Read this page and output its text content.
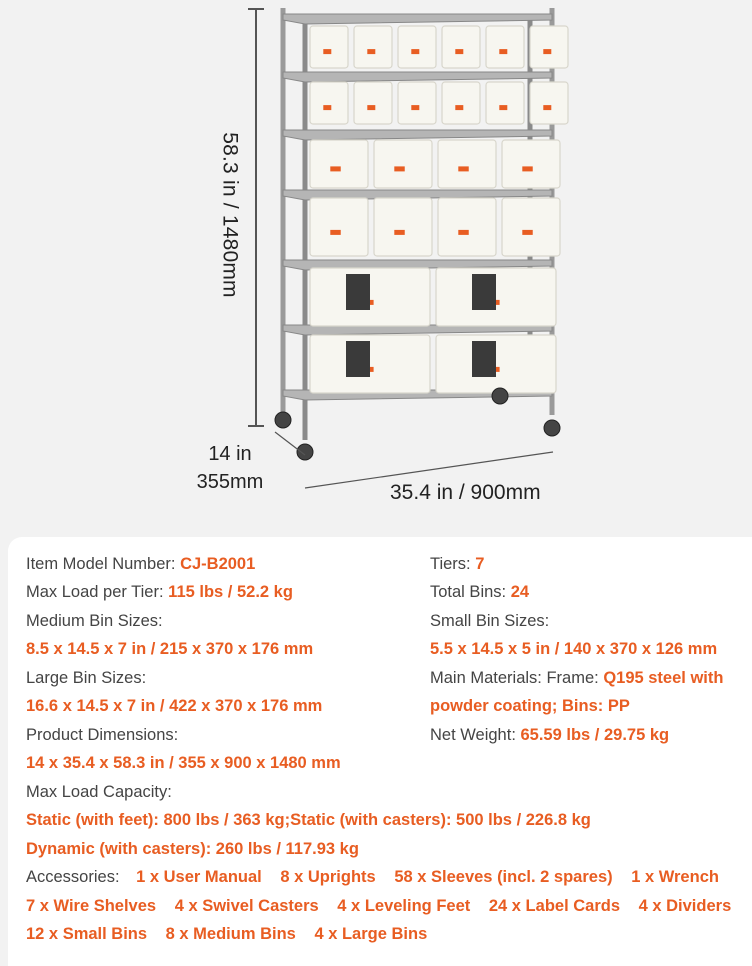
58.3 in / 1480mm
14 in
355mm	35.4 in / 900mm
Item Model Number: CJ-B2001
Max Load per Tier: 115 lbs / 52.2 kg
Medium Bin Sizes:
8.5 x 14.5 x 7 in / 215 x 370 x 176 mm
Large Bin Sizes:
16.6 x 14.5 x 7 in / 422 x 370 x 176 mm
Product Dimensions:
14 x 35.4 x 58.3 in / 355 x 900 x 1480 mm
Tiers: 7
Total Bins: 24
Small Bin Sizes:
5.5 x 14.5 x 5 in / 140 x 370 x 126 mm
Main Materials: Frame: Q195 steel with
powder coating; Bins: PP
Net Weight: 65.59 lbs / 29.75 kg
Max Load Capacity:
Static (with feet): 800 lbs / 363 kg;Static (with casters): 500 lbs / 226.8 kg
Dynamic (with casters): 260 lbs / 117.93 kg
Accessories: 1 x User Manual 8 x Uprights 58 x Sleeves (incl. 2 spares) 1 x Wrench
7 x Wire Shelves 4 x Swivel Casters 4 x Leveling Feet 24 x Label Cards 4 x Dividers
12 x Small Bins 8 x Medium Bins 4 x Large Bins
